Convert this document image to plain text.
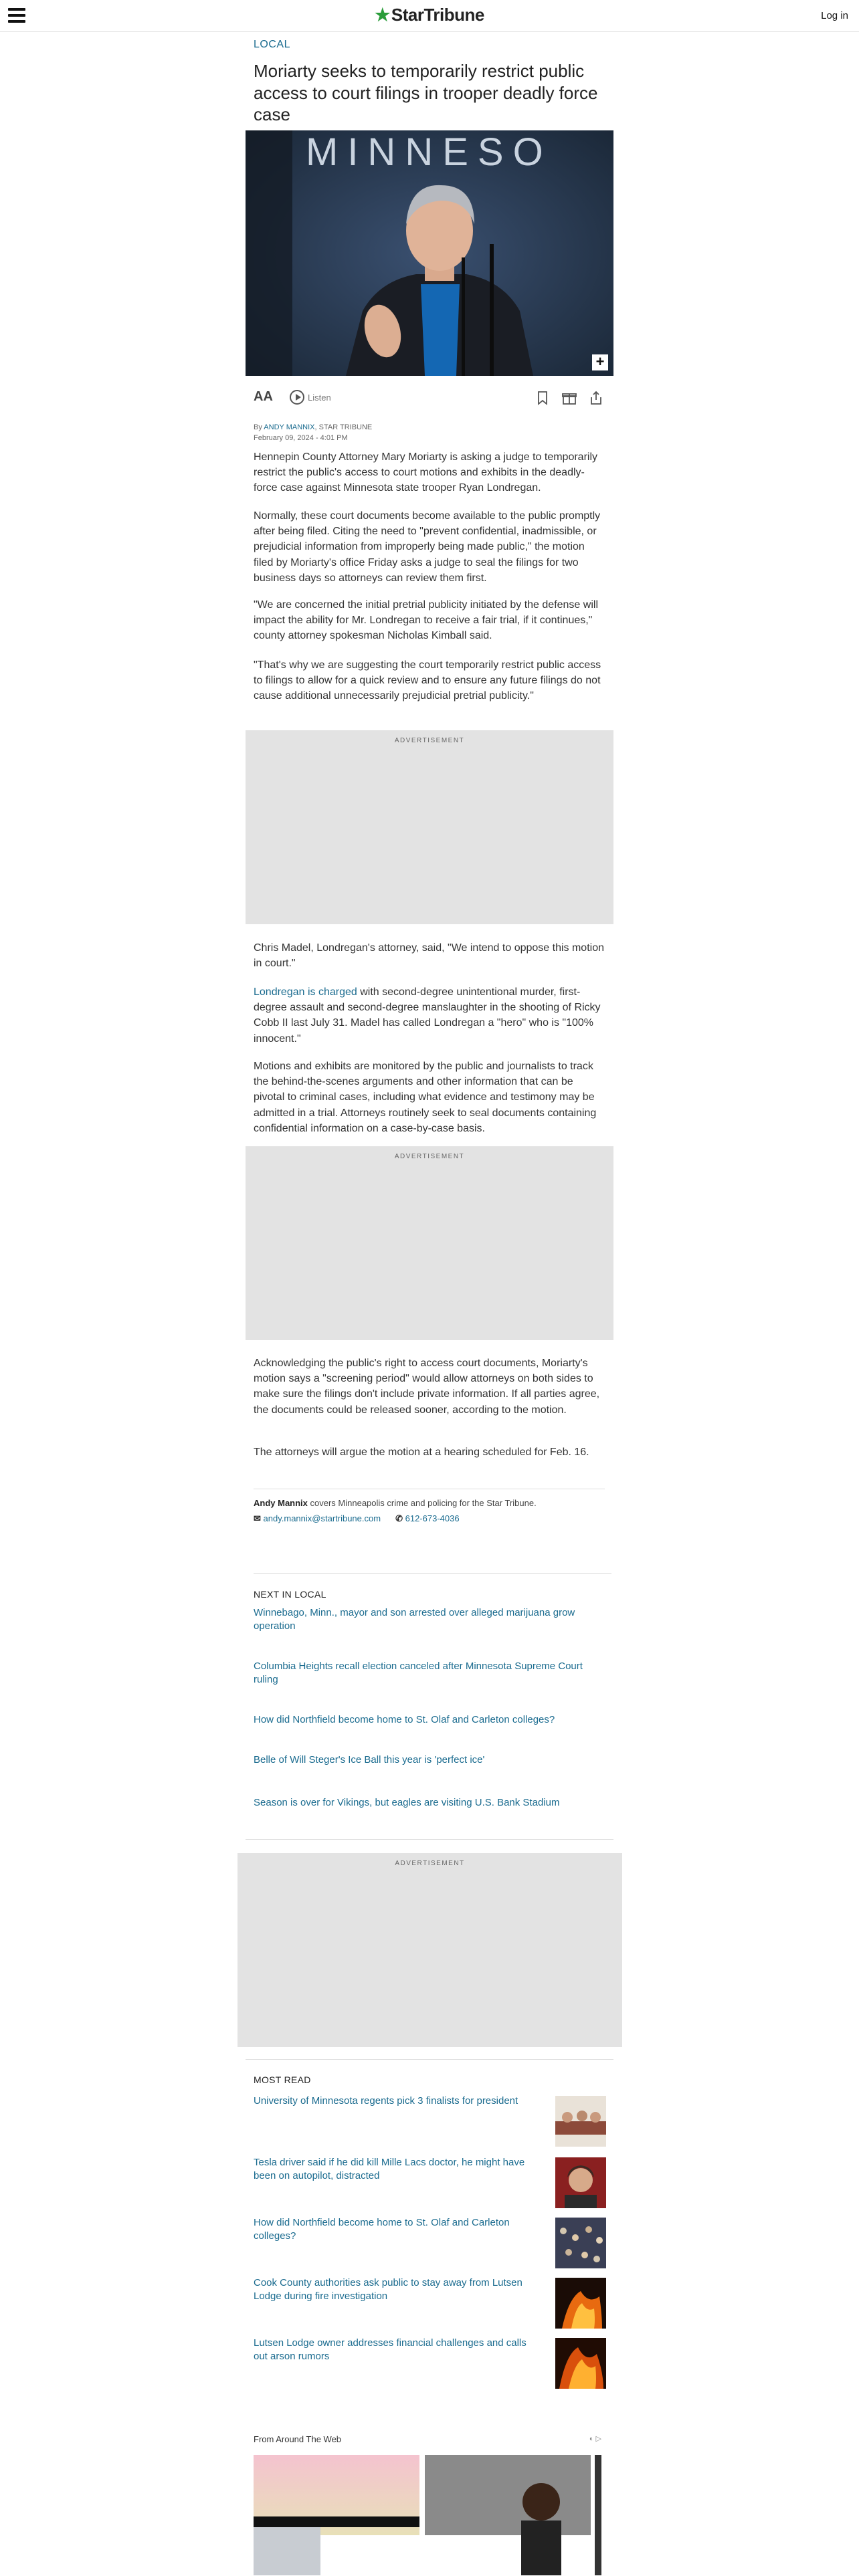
★StarTribune	Log in
LOCAL
Moriarty seeks to temporarily restrict public access to court filings in trooper deadly force case
MINNESO
+
AA	Listen
By ANDY MANNIX, STAR TRIBUNE
February 09, 2024 - 4:01 PM

Hennepin County Attorney Mary Moriarty is asking a judge to temporarily restrict the public's access to court motions and exhibits in the deadly-force case against Minnesota state trooper Ryan Londregan.

Normally, these court documents become available to the public promptly after being filed. Citing the need to "prevent confidential, inadmissible, or prejudicial information from improperly being made public," the motion filed by Moriarty's office Friday asks a judge to seal the filings for two business days so attorneys can review them first.

"We are concerned the initial pretrial publicity initiated by the defense will impact the ability for Mr. Londregan to receive a fair trial, if it continues," county attorney spokesman Nicholas Kimball said.

"That's why we are suggesting the court temporarily restrict public access to filings to allow for a quick review and to ensure any future filings do not cause additional unnecessarily prejudicial pretrial publicity."

ADVERTISEMENT

Chris Madel, Londregan's attorney, said, "We intend to oppose this motion in court."

Londregan is charged with second-degree unintentional murder, first-degree assault and second-degree manslaughter in the shooting of Ricky Cobb II last July 31. Madel has called Londregan a "hero" who is "100% innocent."

Motions and exhibits are monitored by the public and journalists to track the behind-the-scenes arguments and other information that can be pivotal to criminal cases, including what evidence and testimony may be admitted in a trial. Attorneys routinely seek to seal documents containing confidential information on a case-by-case basis.

ADVERTISEMENT

Acknowledging the public's right to access court documents, Moriarty's motion says a "screening period" would allow attorneys on both sides to make sure the filings don't include private information. If all parties agree, the documents could be released sooner, according to the motion.

The attorneys will argue the motion at a hearing scheduled for Feb. 16.

Andy Mannix covers Minneapolis crime and policing for the Star Tribune.
✉ andy.mannix@startribune.com ✆ 612-673-4036
NEXT IN LOCAL
Winnebago, Minn., mayor and son arrested over alleged marijuana grow operation
Columbia Heights recall election canceled after Minnesota Supreme Court ruling
How did Northfield become home to St. Olaf and Carleton colleges?
Belle of Will Steger's Ice Ball this year is 'perfect ice'
Season is over for Vikings, but eagles are visiting U.S. Bank Stadium
ADVERTISEMENT
MOST READ
University of Minnesota regents pick 3 finalists for president
Tesla driver said if he did kill Mille Lacs doctor, he might have been on autopilot, distracted
How did Northfield become home to St. Olaf and Carleton colleges?
Cook County authorities ask public to stay away from Lutsen Lodge during fire investigation
Lutsen Lodge owner addresses financial challenges and calls out arson rumors
From Around The Web	◐ ▷
